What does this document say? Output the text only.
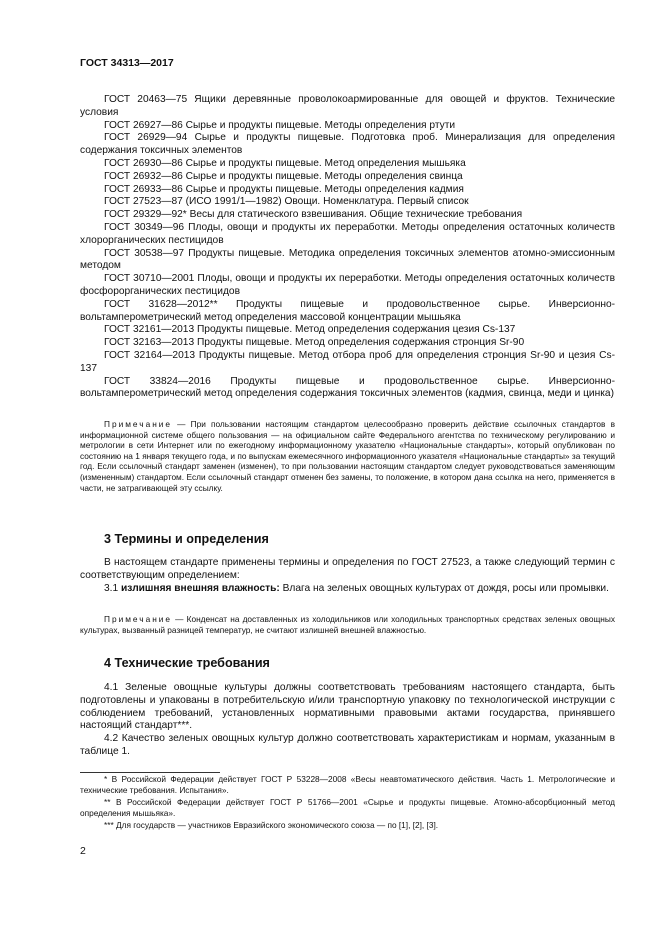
ГОСТ 34313—2017

ГОСТ 20463—75 Ящики деревянные проволокоармированные для овощей и фруктов. Технические условия

ГОСТ 26927—86 Сырье и продукты пищевые. Методы определения ртути

ГОСТ 26929—94 Сырье и продукты пищевые. Подготовка проб. Минерализация для определения содержания токсичных элементов

ГОСТ 26930—86 Сырье и продукты пищевые. Метод определения мышьяка

ГОСТ 26932—86 Сырье и продукты пищевые. Методы определения свинца

ГОСТ 26933—86 Сырье и продукты пищевые. Методы определения кадмия

ГОСТ 27523—87 (ИСО 1991/1—1982) Овощи. Номенклатура. Первый список

ГОСТ 29329—92* Весы для статического взвешивания. Общие технические требования

ГОСТ 30349—96 Плоды, овощи и продукты их переработки. Методы определения остаточных количеств хлорорганических пестицидов

ГОСТ 30538—97 Продукты пищевые. Методика определения токсичных элементов атомно-эмиссионным методом

ГОСТ 30710—2001 Плоды, овощи и продукты их переработки. Методы определения остаточных количеств фосфорорганических пестицидов

ГОСТ 31628—2012** Продукты пищевые и продовольственное сырье. Инверсионно-вольтамперометрический метод определения массовой концентрации мышьяка

ГОСТ 32161—2013 Продукты пищевые. Метод определения содержания цезия Cs-137

ГОСТ 32163—2013 Продукты пищевые. Метод определения содержания стронция Sr-90

ГОСТ 32164—2013 Продукты пищевые. Метод отбора проб для определения стронция Sr-90 и цезия Cs-137

ГОСТ 33824—2016 Продукты пищевые и продовольственное сырье. Инверсионно-вольтамперометрический метод определения содержания токсичных элементов (кадмия, свинца, меди и цинка)

Примечание — При пользовании настоящим стандартом целесообразно проверить действие ссылочных стандартов в информационной системе общего пользования — на официальном сайте Федерального агентства по техническому регулированию и метрологии в сети Интернет или по ежегодному информационному указателю «Национальные стандарты», который опубликован по состоянию на 1 января текущего года, и по выпускам ежемесячного информационного указателя «Национальные стандарты» за текущий год. Если ссылочный стандарт заменен (изменен), то при пользовании настоящим стандартом следует руководствоваться заменяющим (измененным) стандартом. Если ссылочный стандарт отменен без замены, то положение, в котором дана ссылка на него, применяется в части, не затрагивающей эту ссылку.

3 Термины и определения

В настоящем стандарте применены термины и определения по ГОСТ 27523, а также следующий термин с соответствующим определением:

3.1 излишняя внешняя влажность: Влага на зеленых овощных культурах от дождя, росы или промывки.

Примечание — Конденсат на доставленных из холодильников или холодильных транспортных средствах зеленых овощных культурах, вызванный разницей температур, не считают излишней внешней влажностью.

4 Технические требования

4.1 Зеленые овощные культуры должны соответствовать требованиям настоящего стандарта, быть подготовлены и упакованы в потребительскую и/или транспортную упаковку по технологической инструкции с соблюдением требований, установленных нормативными правовыми актами государства, принявшего настоящий стандарт***.

4.2 Качество зеленых овощных культур должно соответствовать характеристикам и нормам, указанным в таблице 1.

* В Российской Федерации действует ГОСТ Р 53228—2008 «Весы неавтоматического действия. Часть 1. Метрологические и технические требования. Испытания».

** В Российской Федерации действует ГОСТ Р 51766—2001 «Сырье и продукты пищевые. Атомно-абсорбционный метод определения мышьяка».

*** Для государств — участников Евразийского экономического союза — по [1], [2], [3].

2
